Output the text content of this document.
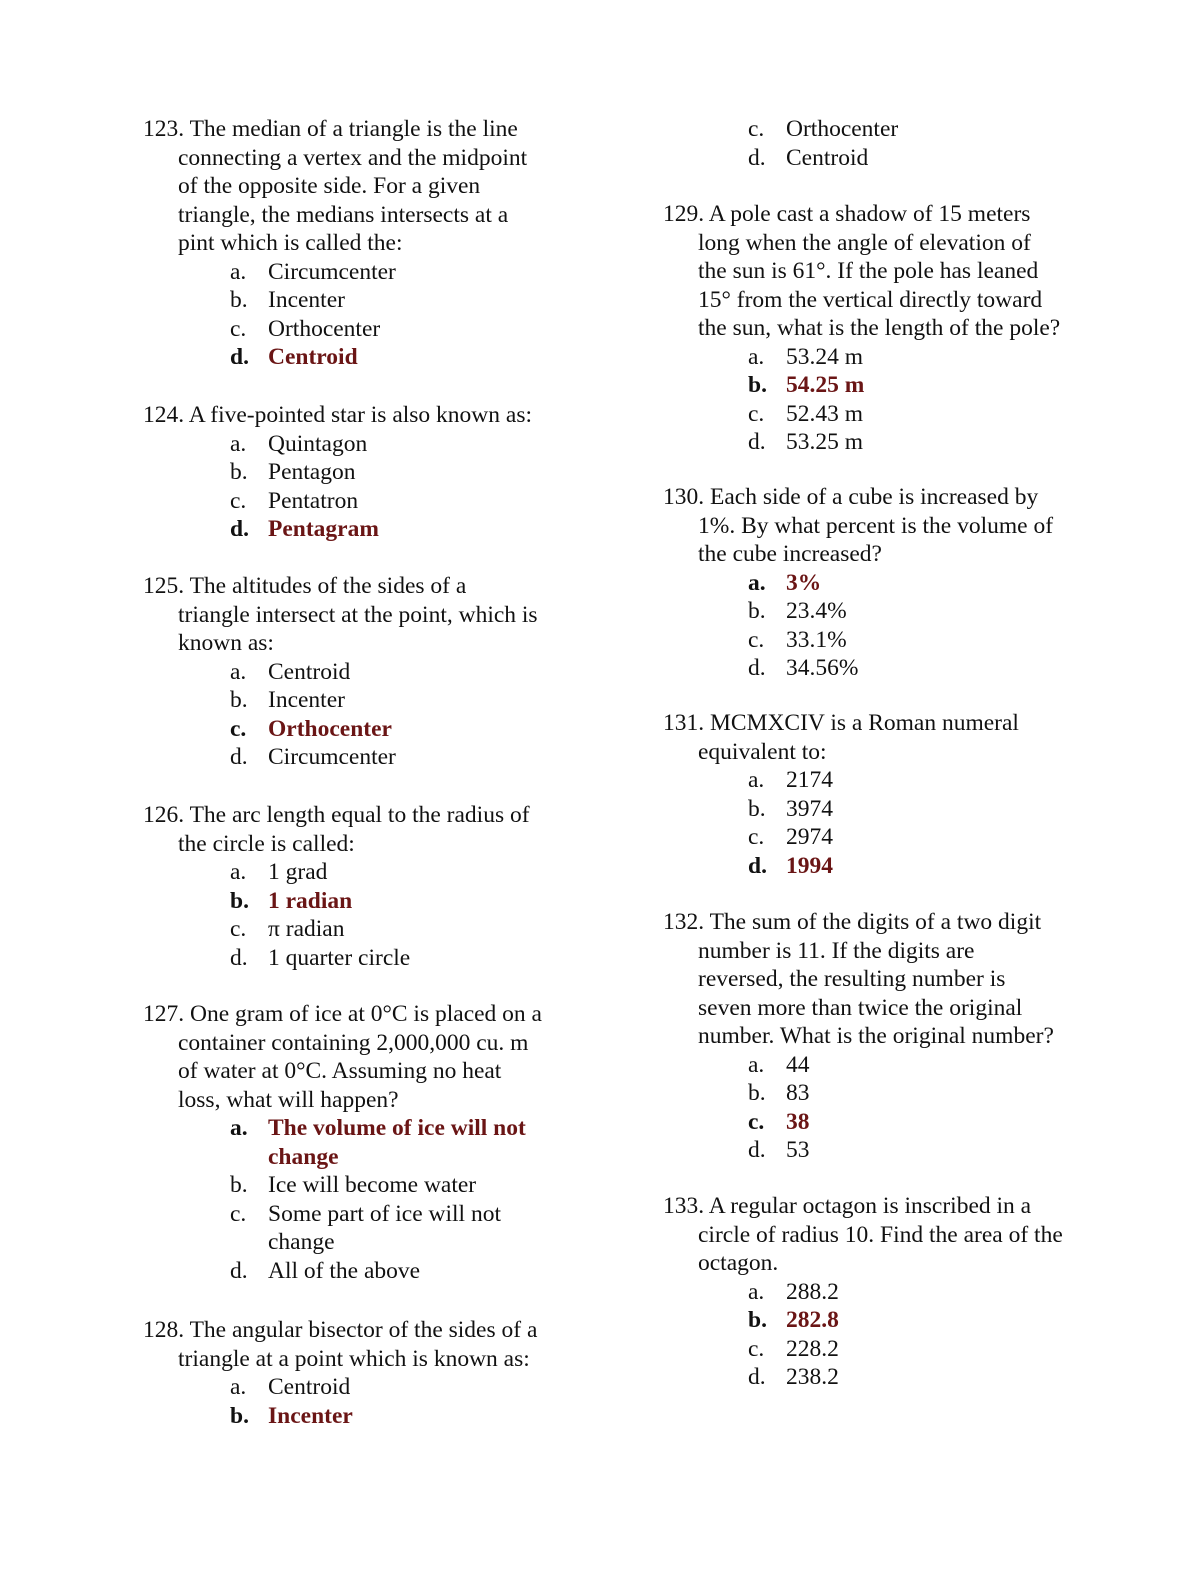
123. The median of a triangle is the line
connecting a vertex and the midpoint
of the opposite side. For a given
triangle, the medians intersects at a
pint which is called the:
a. Circumcenter
b. Incenter
c. Orthocenter
d. Centroid
124. A five-pointed star is also known as:
a. Quintagon
b. Pentagon
c. Pentatron
d. Pentagram
125. The altitudes of the sides of a
triangle intersect at the point, which is
known as:
a. Centroid
b. Incenter
c. Orthocenter
d. Circumcenter
126. The arc length equal to the radius of
the circle is called:
a. 1 grad
b. 1 radian
c. π radian
d. 1 quarter circle
127. One gram of ice at 0°C is placed on a
container containing 2,000,000 cu. m
of water at 0°C. Assuming no heat
loss, what will happen?
a. The volume of ice will not
change
b. Ice will become water
c. Some part of ice will not
change
d. All of the above
128. The angular bisector of the sides of a
triangle at a point which is known as:
a. Centroid
b. Incenter
c. Orthocenter
d. Centroid
129. A pole cast a shadow of 15 meters
long when the angle of elevation of
the sun is 61°. If the pole has leaned
15° from the vertical directly toward
the sun, what is the length of the pole?
a. 53.24 m
b. 54.25 m
c. 52.43 m
d. 53.25 m
130. Each side of a cube is increased by
1%. By what percent is the volume of
the cube increased?
a. 3%
b. 23.4%
c. 33.1%
d. 34.56%
131. MCMXCIV is a Roman numeral
equivalent to:
a. 2174
b. 3974
c. 2974
d. 1994
132. The sum of the digits of a two digit
number is 11. If the digits are
reversed, the resulting number is
seven more than twice the original
number. What is the original number?
a. 44
b. 83
c. 38
d. 53
133. A regular octagon is inscribed in a
circle of radius 10. Find the area of the
octagon.
a. 288.2
b. 282.8
c. 228.2
d. 238.2
